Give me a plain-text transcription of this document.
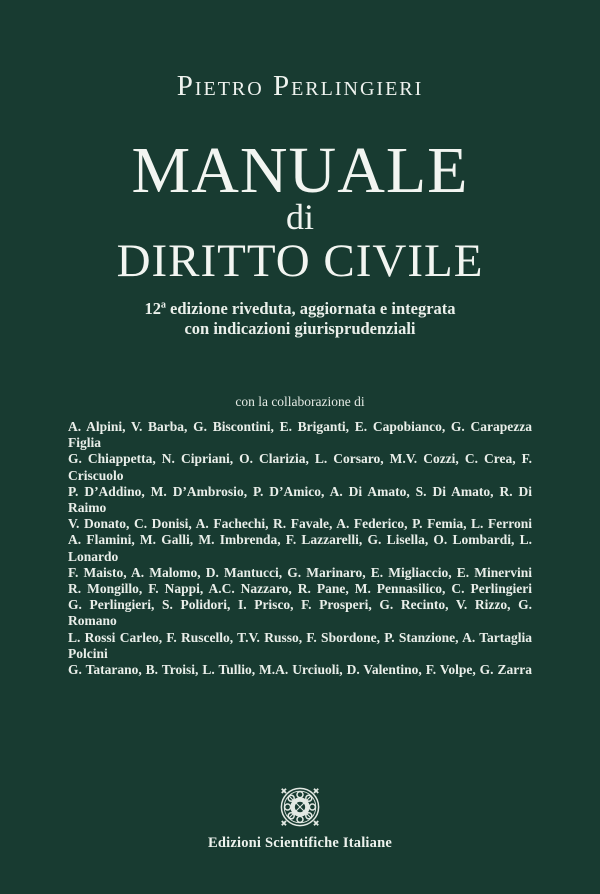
Pietro Perlingieri
MANUALE
di
DIRITTO CIVILE
12ª edizione riveduta, aggiornata e integrata
con indicazioni giurisprudenziali
con la collaborazione di
A. Alpini, V. Barba, G. Biscontini, E. Briganti, E. Capobianco, G. Carapezza Figlia
G. Chiappetta, N. Cipriani, O. Clarizia, L. Corsaro, M.V. Cozzi, C. Crea, F. Criscuolo
P. D’Addino, M. D’Ambrosio, P. D’Amico, A. Di Amato, S. Di Amato, R. Di Raimo
V. Donato, C. Donisi, A. Fachechi, R. Favale, A. Federico, P. Femia, L. Ferroni
A. Flamini, M. Galli, M. Imbrenda, F. Lazzarelli, G. Lisella, O. Lombardi, L. Lonardo
F. Maisto, A. Malomo, D. Mantucci, G. Marinaro, E. Migliaccio, E. Minervini
R. Mongillo, F. Nappi, A.C. Nazzaro, R. Pane, M. Pennasilico, C. Perlingieri
G. Perlingieri, S. Polidori, I. Prisco, F. Prosperi, G. Recinto, V. Rizzo, G. Romano
L. Rossi Carleo, F. Ruscello, T.V. Russo, F. Sbordone, P. Stanzione, A. Tartaglia Polcini
G. Tatarano, B. Troisi, L. Tullio, M.A. Urciuoli, D. Valentino, F. Volpe, G. Zarra
Edizioni Scientifiche Italiane
